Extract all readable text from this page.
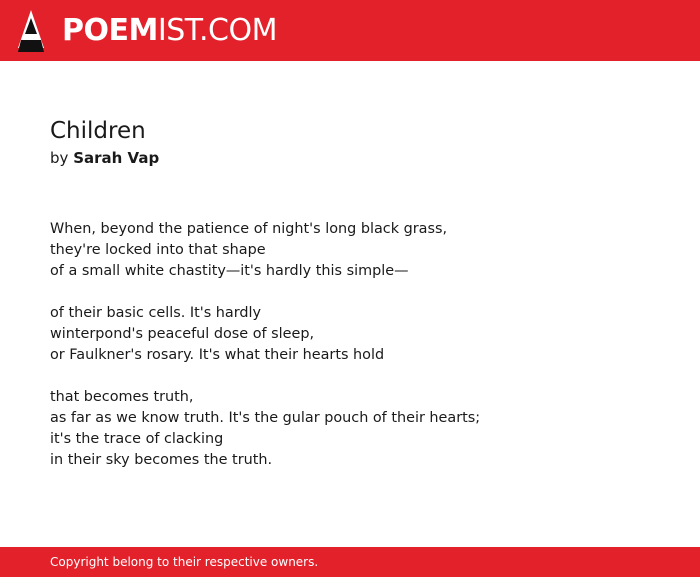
POEMIST.COM
Children
by Sarah Vap
When, beyond the patience of night's long black grass,
they're locked into that shape
of a small white chastity—it's hardly this simple—
of their basic cells. It's hardly
winterpond's peaceful dose of sleep,
or Faulkner's rosary. It's what their hearts hold
that becomes truth,
as far as we know truth. It's the gular pouch of their hearts;
it's the trace of clacking
in their sky becomes the truth.
Copyright belong to their respective owners.
